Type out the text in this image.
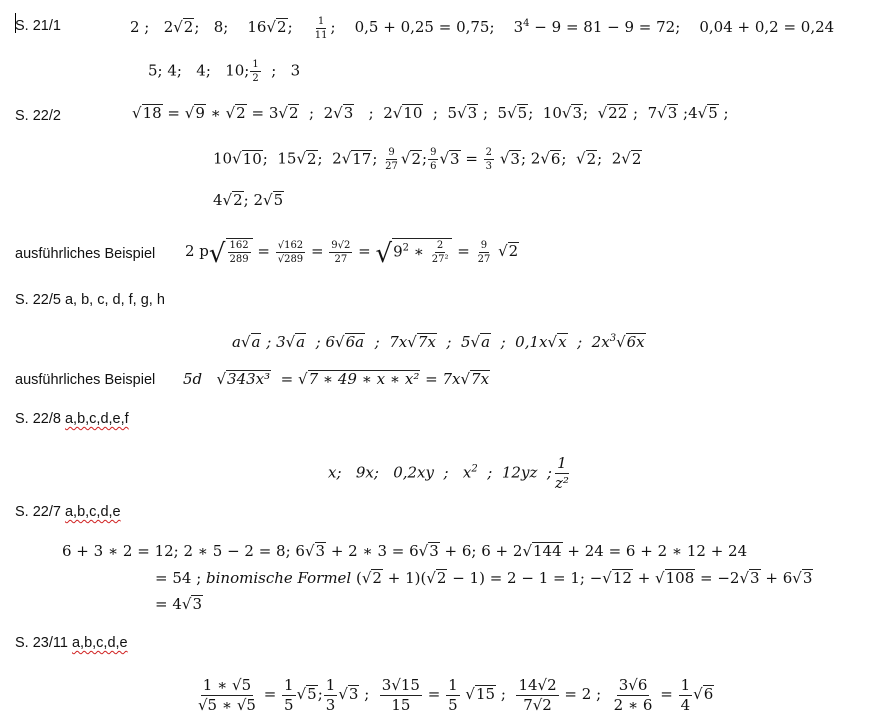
S. 21/1	2 ; 2√2;   8; 16√2; $\frac{1}{11}$ ;    0,5 + 0,25 = 0,75; $3^4 - 9 = 81 - 9 = 72$; 0,04 + 0,2 = 0,24
5; 4; 4; 10; $\frac{1}{2}$ ;   3
S. 22/2	√18 = √9 ∗ √2 = 3√2  ;  2√3   ;  2√10  ;  5√3 ;  5√5;  10√3;  √22 ;  7√3 ;4√5 ;
10√10;  15√2;  2√17; $\frac{9}{27} √2$; $\frac{9}{6} √3 = \frac{2}{3} √3$; 2√6;  √2;  2√2
4√2; 2√5
ausführliches Beispiel 2 $p√ \frac{162}{289} = \frac{√162}{√289} = \frac{9√2}{27} = √9^2$ ∗ $\frac{2}{\text{27²}} = \frac{9}{27} √2$
S. 22/5 a, b, c, d, f, g, h
a√a ; 3√a  ; 6√6a  ;  7x√7x  ;  5√a  ;  0,1x√x  ;  $2x^3√6x$
ausführliches Beispiel 5d √343x³  = √7 ∗ 49 ∗ x ∗ x² = 7x√7x
S. 22/8 a,b,c,d,e,f
x; 9x; 0,2xy  ;   $x^2$  ;  12yz  ; $\frac{1}{\text{z²}}$
S. 22/7 a,b,c,d,e
6 + 3 ∗ 2 = 12; 2 ∗ 5 − 2 = 8; 6√3 + 2 ∗ 3 = 6√3 + 6; 6 + 2√144 + 24 = 6 + 2 ∗ 12 + 24
= 54 ; binomische Formel (√2 + 1)(√2 − 1) = 2 − 1 = 1; −√12 + √108 = −2√3 + 6√3
= 4√3
S. 23/11 a,b,c,d,e
$\frac{1 ∗ √5}{√5 ∗ √5} = \frac{1}{5} √5$; $\frac{1}{3} √3$ ; $\frac{3√15}{15} = \frac{1}{5} √15$ ; $\frac{14√2}{7√2} = 2$ ; $\frac{3√6}{2 ∗ 6} = \frac{1}{4} √6$
